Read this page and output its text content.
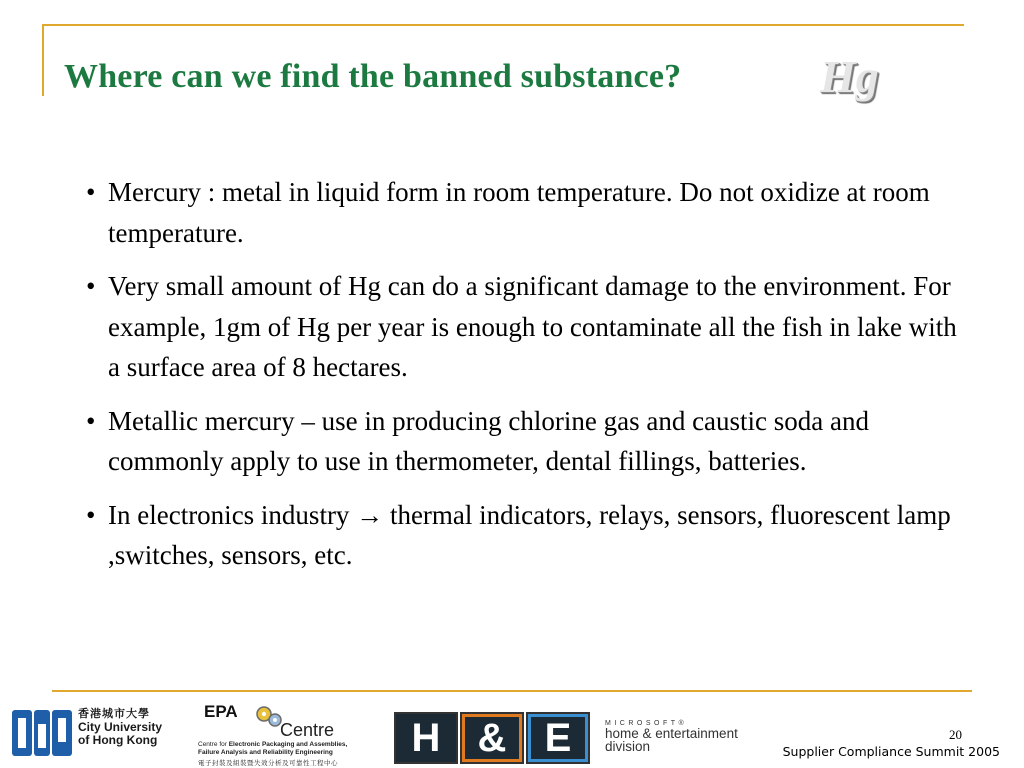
Where can we find the banned substance?	Hg
• Mercury : metal in liquid form in room temperature. Do not oxidize at room temperature.
• Very small amount of Hg can do a significant damage to the environment. For example, 1gm of Hg per year is enough to contaminate all the fish in lake with a surface area of 8 hectares.
• Metallic mercury – use in producing chlorine gas and caustic soda and commonly apply to use in thermometer, dental fillings, batteries.
• In electronics industry → thermal indicators, relays, sensors, fluorescent lamp ,switches, sensors, etc.
香港城市大學
City University
of Hong Kong
EPA
Centre
Centre for Electronic Packaging and Assemblies,
Failure Analysis and Reliability Engineering
電子封裝及組裝暨失效分析及可靠性工程中心
H & E	MICROSOFT®
home & entertainment
division
20
Supplier Compliance Summit 2005
